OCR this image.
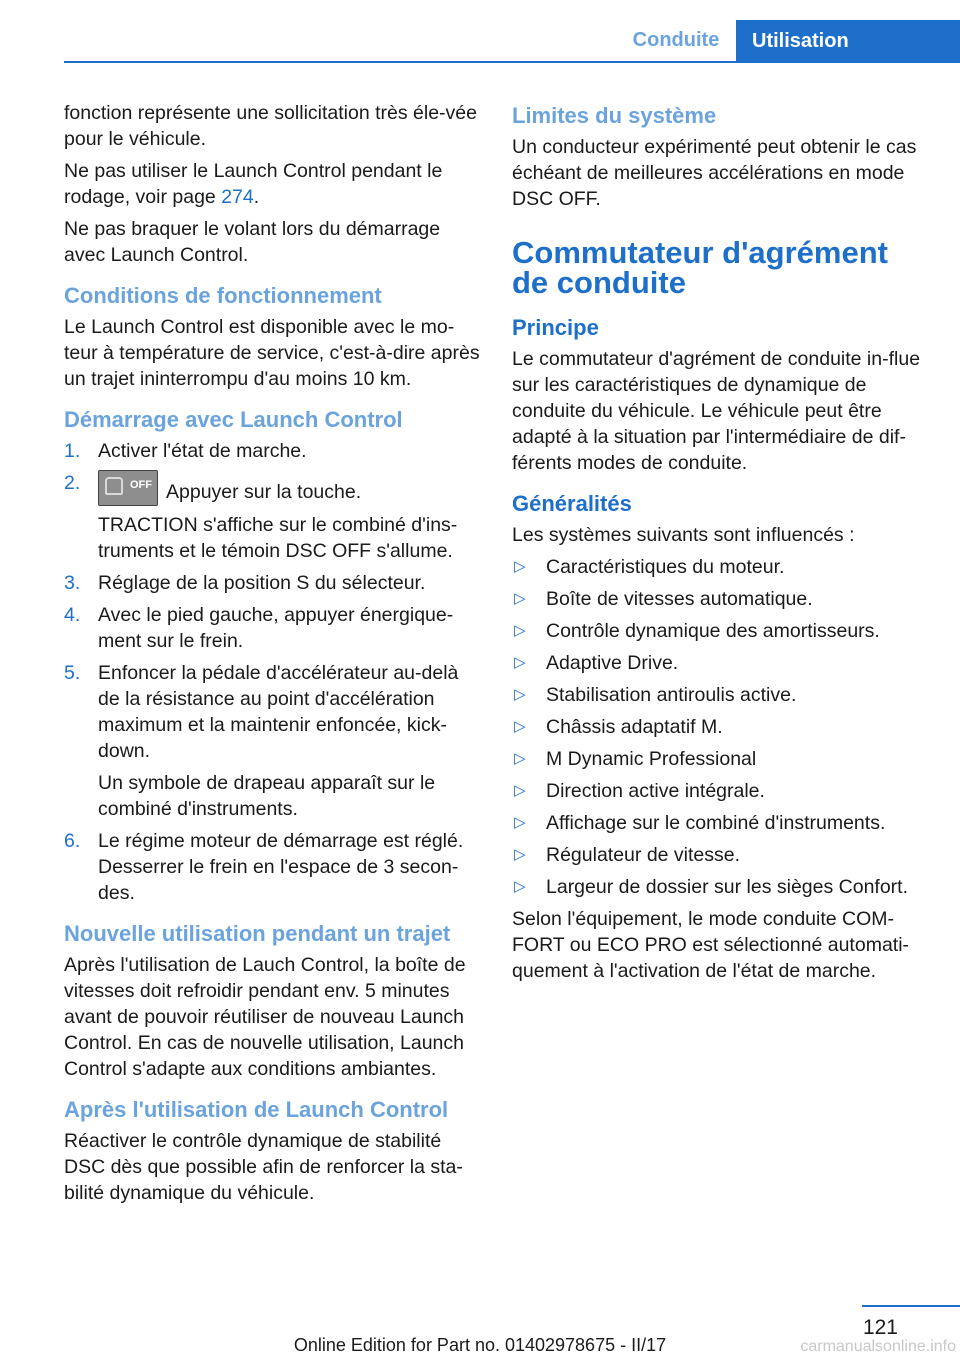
Conduite	Utilisation

fonction représente une sollicitation très éle-vée pour le véhicule.

Ne pas utiliser le Launch Control pendant le rodage, voir page 274.

Ne pas braquer le volant lors du démarrage avec Launch Control.

Conditions de fonctionnement

Le Launch Control est disponible avec le mo-teur à température de service, c'est-à-dire après un trajet ininterrompu d'au moins 10 km.

Démarrage avec Launch Control
1. Activer l'état de marche.
2.	OFF Appuyer sur la touche.
TRACTION s'affiche sur le combiné d'ins-truments et le témoin DSC OFF s'allume.
3. Réglage de la position S du sélecteur.
4. Avec le pied gauche, appuyer énergique-ment sur le frein.
5. Enfoncer la pédale d'accélérateur au-delà de la résistance au point d'accélération maximum et la maintenir enfoncée, kick-down.
Un symbole de drapeau apparaît sur le combiné d'instruments.
6. Le régime moteur de démarrage est réglé. Desserrer le frein en l'espace de 3 secon-des.
Nouvelle utilisation pendant un trajet

Après l'utilisation de Lauch Control, la boîte de vitesses doit refroidir pendant env. 5 minutes avant de pouvoir réutiliser de nouveau Launch Control. En cas de nouvelle utilisation, Launch Control s'adapte aux conditions ambiantes.

Après l'utilisation de Launch Control

Réactiver le contrôle dynamique de stabilité DSC dès que possible afin de renforcer la sta-bilité dynamique du véhicule.

Limites du système

Un conducteur expérimenté peut obtenir le cas échéant de meilleures accélérations en mode DSC OFF.

Commutateur d'agrément de conduite
Principe

Le commutateur d'agrément de conduite in-flue sur les caractéristiques de dynamique de conduite du véhicule. Le véhicule peut être adapté à la situation par l'intermédiaire de dif-férents modes de conduite.

Généralités

Les systèmes suivants sont influencés :

▷ Caractéristiques du moteur.
▷ Boîte de vitesses automatique.
▷ Contrôle dynamique des amortisseurs.
▷ Adaptive Drive.
▷ Stabilisation antiroulis active.
▷ Châssis adaptatif M.
▷ M Dynamic Professional
▷ Direction active intégrale.
▷ Affichage sur le combiné d'instruments.
▷ Régulateur de vitesse.
▷ Largeur de dossier sur les sièges Confort.

Selon l'équipement, le mode conduite COM-FORT ou ECO PRO est sélectionné automati-quement à l'activation de l'état de marche.

121
Online Edition for Part no. 01402978675 - II/17	carmanualsonline.info
